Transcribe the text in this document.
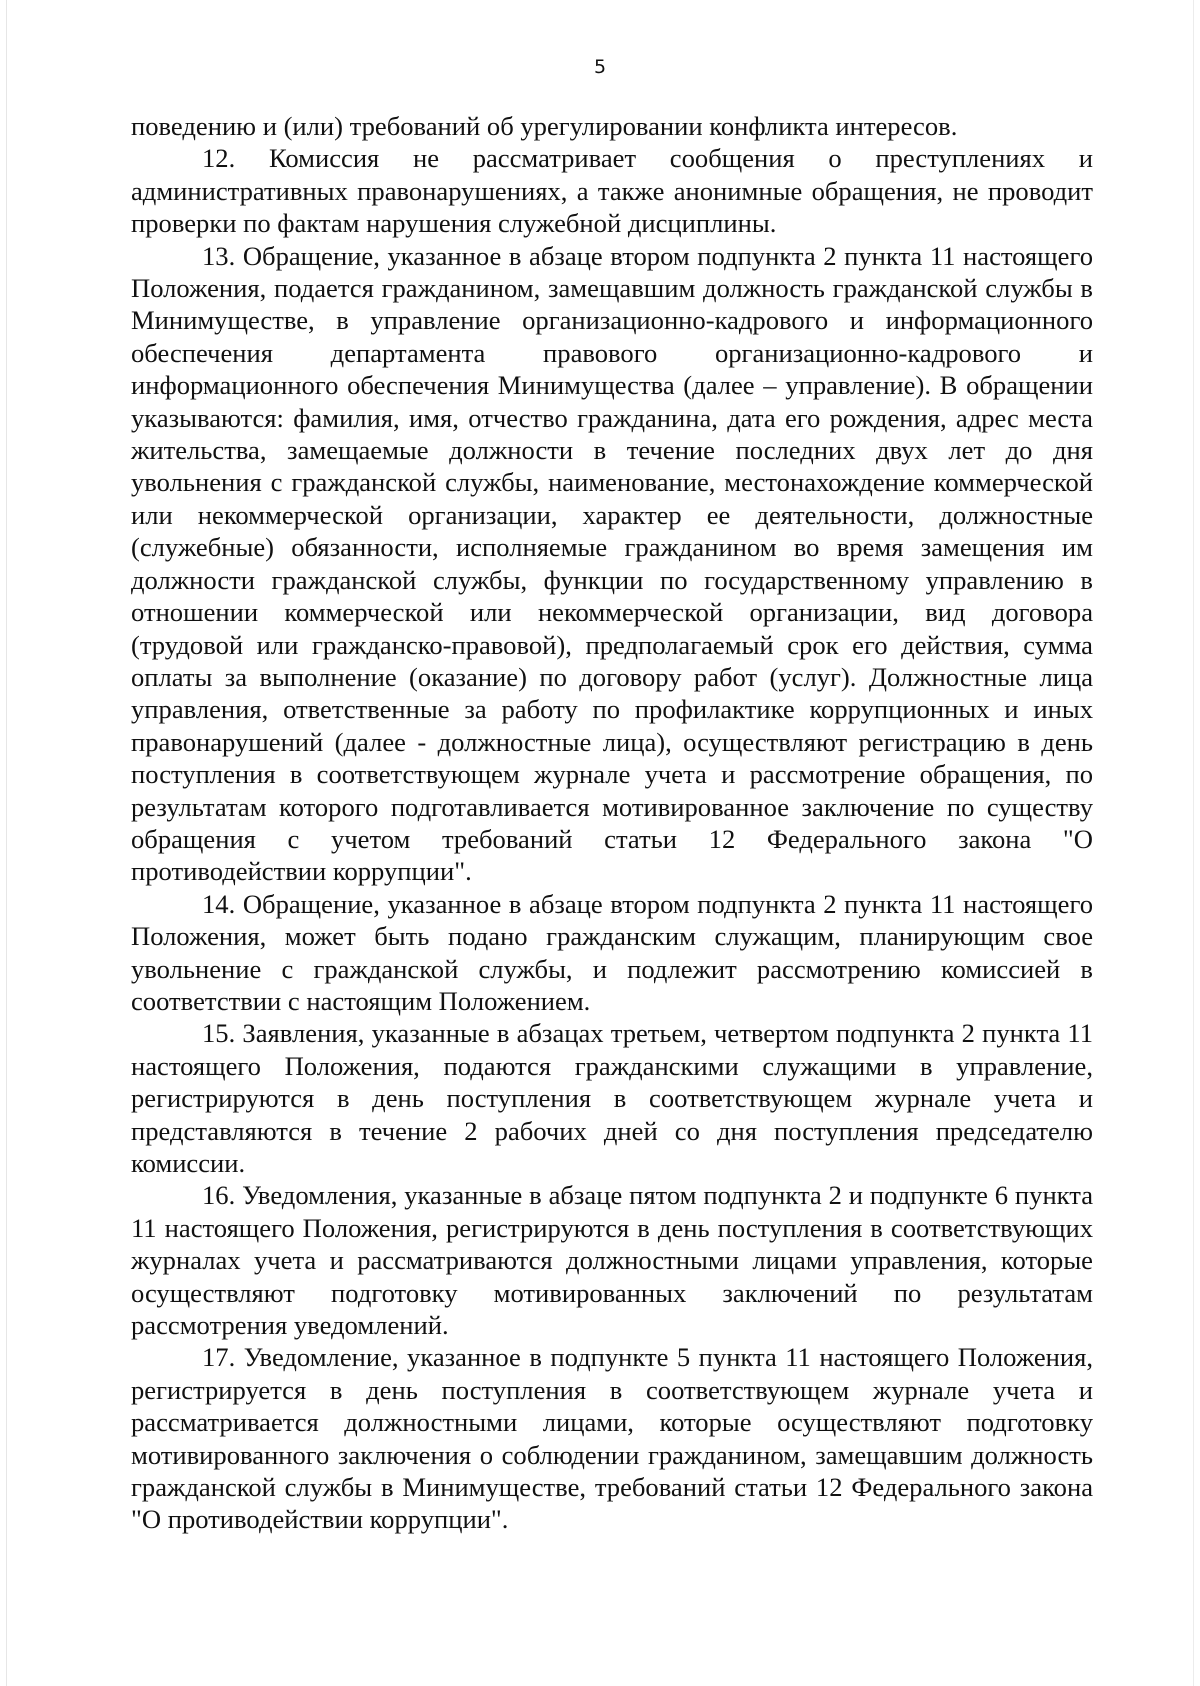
5

поведению и (или) требований об урегулировании конфликта интересов.

12. Комиссия не рассматривает сообщения о преступлениях и административных правонарушениях, а также анонимные обращения, не проводит проверки по фактам нарушения служебной дисциплины.

13. Обращение, указанное в абзаце втором подпункта 2 пункта 11 настоящего Положения, подается гражданином, замещавшим должность гражданской службы в Минимуществе, в управление организационно-кадрового и информационного обеспечения департамента правового организационно-кадрового и информационного обеспечения Минимущества (далее – управление). В обращении указываются: фамилия, имя, отчество гражданина, дата его рождения, адрес места жительства, замещаемые должности в течение последних двух лет до дня увольнения с гражданской службы, наименование, местонахождение коммерческой или некоммерческой организации, характер ее деятельности, должностные (служебные) обязанности, исполняемые гражданином во время замещения им должности гражданской службы, функции по государственному управлению в отношении коммерческой или некоммерческой организации, вид договора (трудовой или гражданско-правовой), предполагаемый срок его действия, сумма оплаты за выполнение (оказание) по договору работ (услуг). Должностные лица управления, ответственные за работу по профилактике коррупционных и иных правонарушений (далее - должностные лица), осуществляют регистрацию в день поступления в соответствующем журнале учета и рассмотрение обращения, по результатам которого подготавливается мотивированное заключение по существу обращения с учетом требований статьи 12 Федерального закона "О противодействии коррупции".

14. Обращение, указанное в абзаце втором подпункта 2 пункта 11 настоящего Положения, может быть подано гражданским служащим, планирующим свое увольнение с гражданской службы, и подлежит рассмотрению комиссией в соответствии с настоящим Положением.

15. Заявления, указанные в абзацах третьем, четвертом подпункта 2 пункта 11 настоящего Положения, подаются гражданскими служащими в управление, регистрируются в день поступления в соответствующем журнале учета и представляются в течение 2 рабочих дней со дня поступления председателю комиссии.

16. Уведомления, указанные в абзаце пятом подпункта 2 и подпункте 6 пункта 11 настоящего Положения, регистрируются в день поступления в соответствующих журналах учета и рассматриваются должностными лицами управления, которые осуществляют подготовку мотивированных заключений по результатам рассмотрения уведомлений.

17. Уведомление, указанное в подпункте 5 пункта 11 настоящего Положения, регистрируется в день поступления в соответствующем журнале учета и рассматривается должностными лицами, которые осуществляют подготовку мотивированного заключения о соблюдении гражданином, замещавшим должность гражданской службы в Минимуществе, требований статьи 12 Федерального закона "О противодействии коррупции".
